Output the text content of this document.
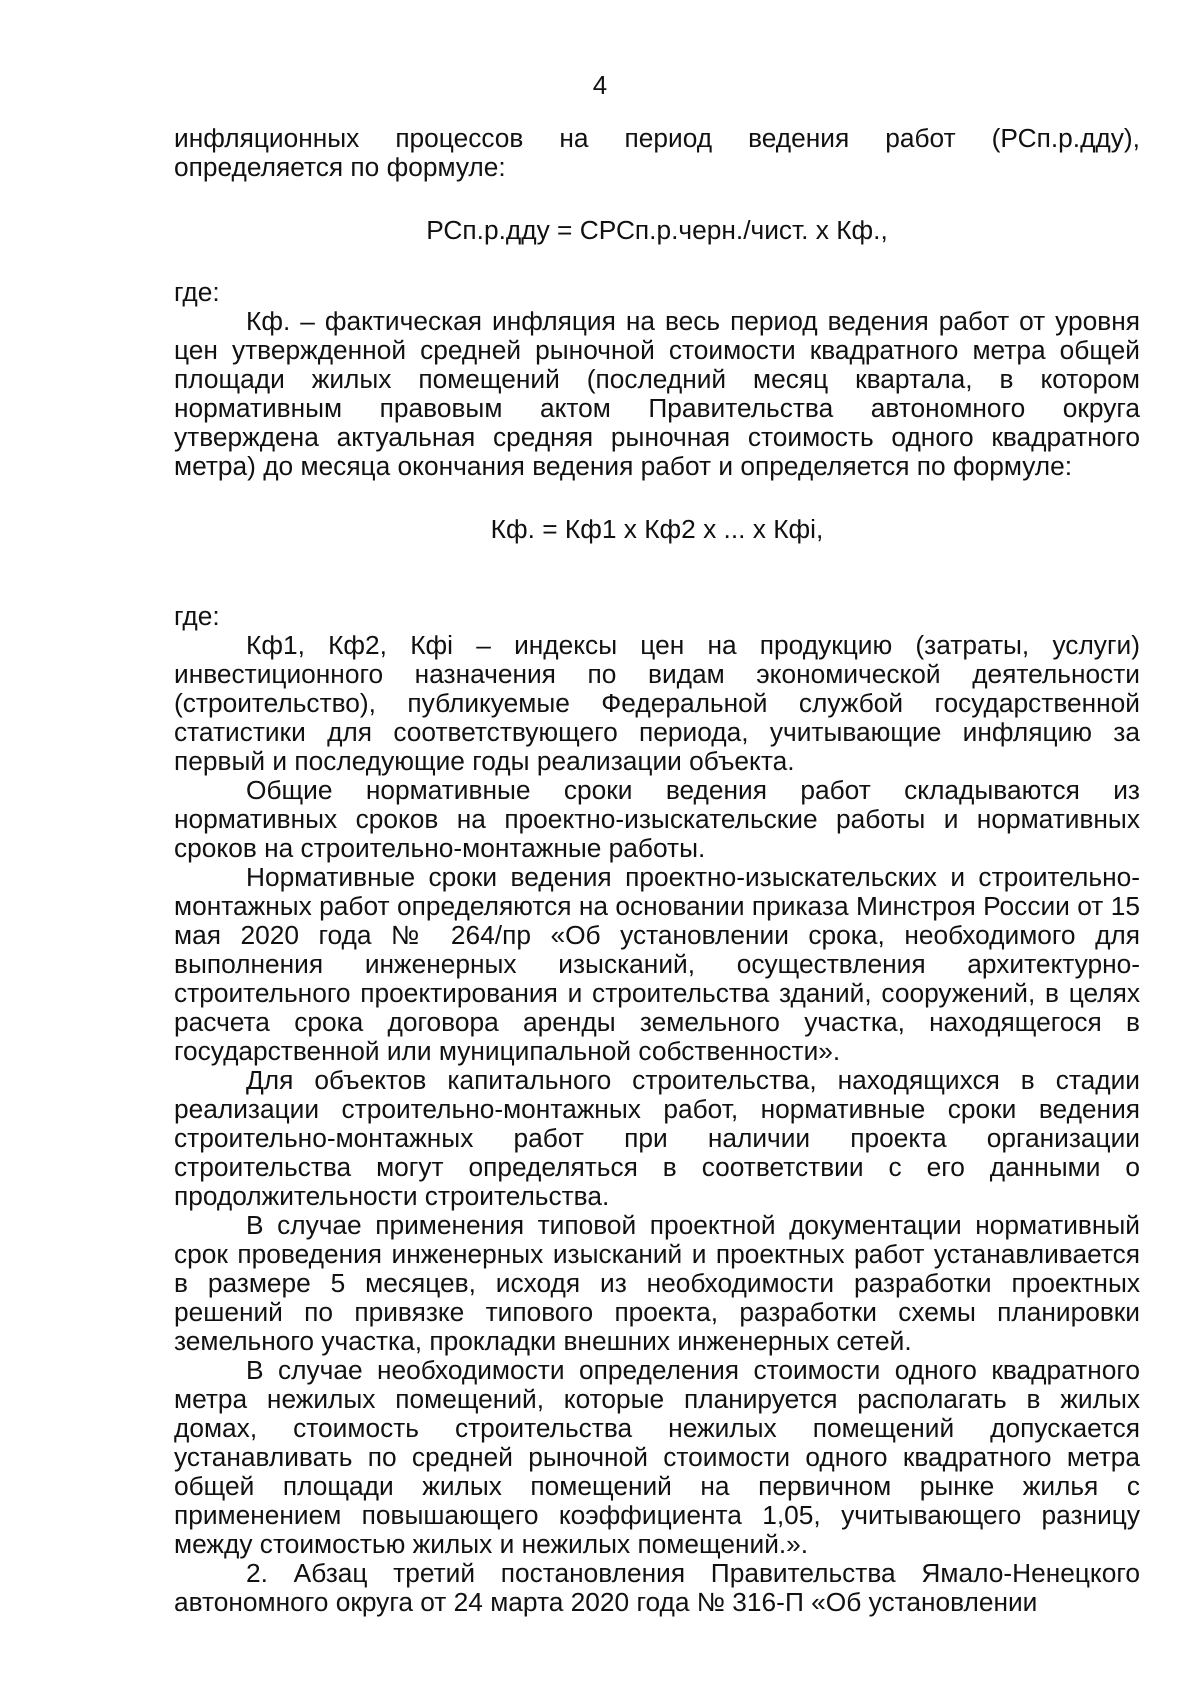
4

инфляционных процессов на период ведения работ (РСп.р.дду), определяется по формуле:

РСп.р.дду = СРСп.р.черн./чист. х Кф.,

где:

Кф. – фактическая инфляция на весь период ведения работ от уровня цен утвержденной средней рыночной стоимости квадратного метра общей площади жилых помещений (последний месяц квартала, в котором нормативным правовым актом Правительства автономного округа утверждена актуальная средняя рыночная стоимость одного квадратного метра) до месяца окончания ведения работ и определяется по формуле:

Кф. = Кф1 х Кф2 х ... х Кфi,

где:

Кф1, Кф2, Кфi – индексы цен на продукцию (затраты, услуги) инвестиционного назначения по видам экономической деятельности (строительство), публикуемые Федеральной службой государственной статистики для соответствующего периода, учитывающие инфляцию за первый и последующие годы реализации объекта.

Общие нормативные сроки ведения работ складываются из нормативных сроков на проектно-изыскательские работы и нормативных сроков на строительно-монтажные работы.

Нормативные сроки ведения проектно-изыскательских и строительно-монтажных работ определяются на основании приказа Минстроя России от 15 мая 2020 года № 264/пр «Об установлении срока, необходимого для выполнения инженерных изысканий, осуществления архитектурно-строительного проектирования и строительства зданий, сооружений, в целях расчета срока договора аренды земельного участка, находящегося в государственной или муниципальной собственности».

Для объектов капитального строительства, находящихся в стадии реализации строительно-монтажных работ, нормативные сроки ведения строительно-монтажных работ при наличии проекта организации строительства могут определяться в соответствии с его данными о продолжительности строительства.

В случае применения типовой проектной документации нормативный срок проведения инженерных изысканий и проектных работ устанавливается в размере 5 месяцев, исходя из необходимости разработки проектных решений по привязке типового проекта, разработки схемы планировки земельного участка, прокладки внешних инженерных сетей.

В случае необходимости определения стоимости одного квадратного метра нежилых помещений, которые планируется располагать в жилых домах, стоимость строительства нежилых помещений допускается устанавливать по средней рыночной стоимости одного квадратного метра общей площади жилых помещений на первичном рынке жилья с применением повышающего коэффициента 1,05, учитывающего разницу между стоимостью жилых и нежилых помещений.».

2. Абзац третий постановления Правительства Ямало-Ненецкого автономного округа от 24 марта 2020 года № 316-П «Об установлении
